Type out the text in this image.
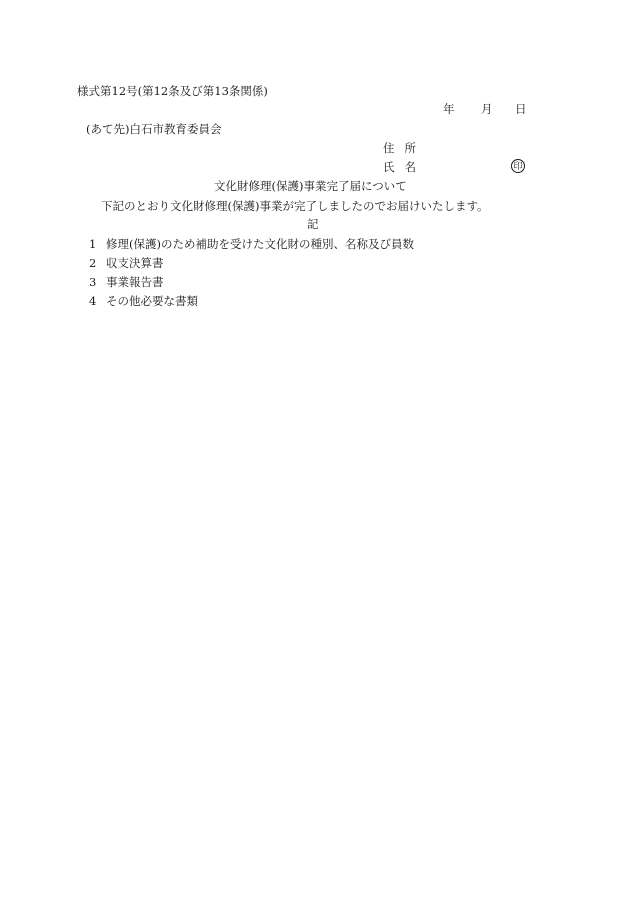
様式第12号(第12条及び第13条関係)
年 月 日
(あて先)白石市教育委員会
住所
氏名	印
文化財修理(保護)事業完了届について
下記のとおり文化財修理(保護)事業が完了しましたのでお届けいたします。
記
1 修理(保護)のため補助を受けた文化財の種別、名称及び員数
2 収支決算書
3 事業報告書
4 その他必要な書類
